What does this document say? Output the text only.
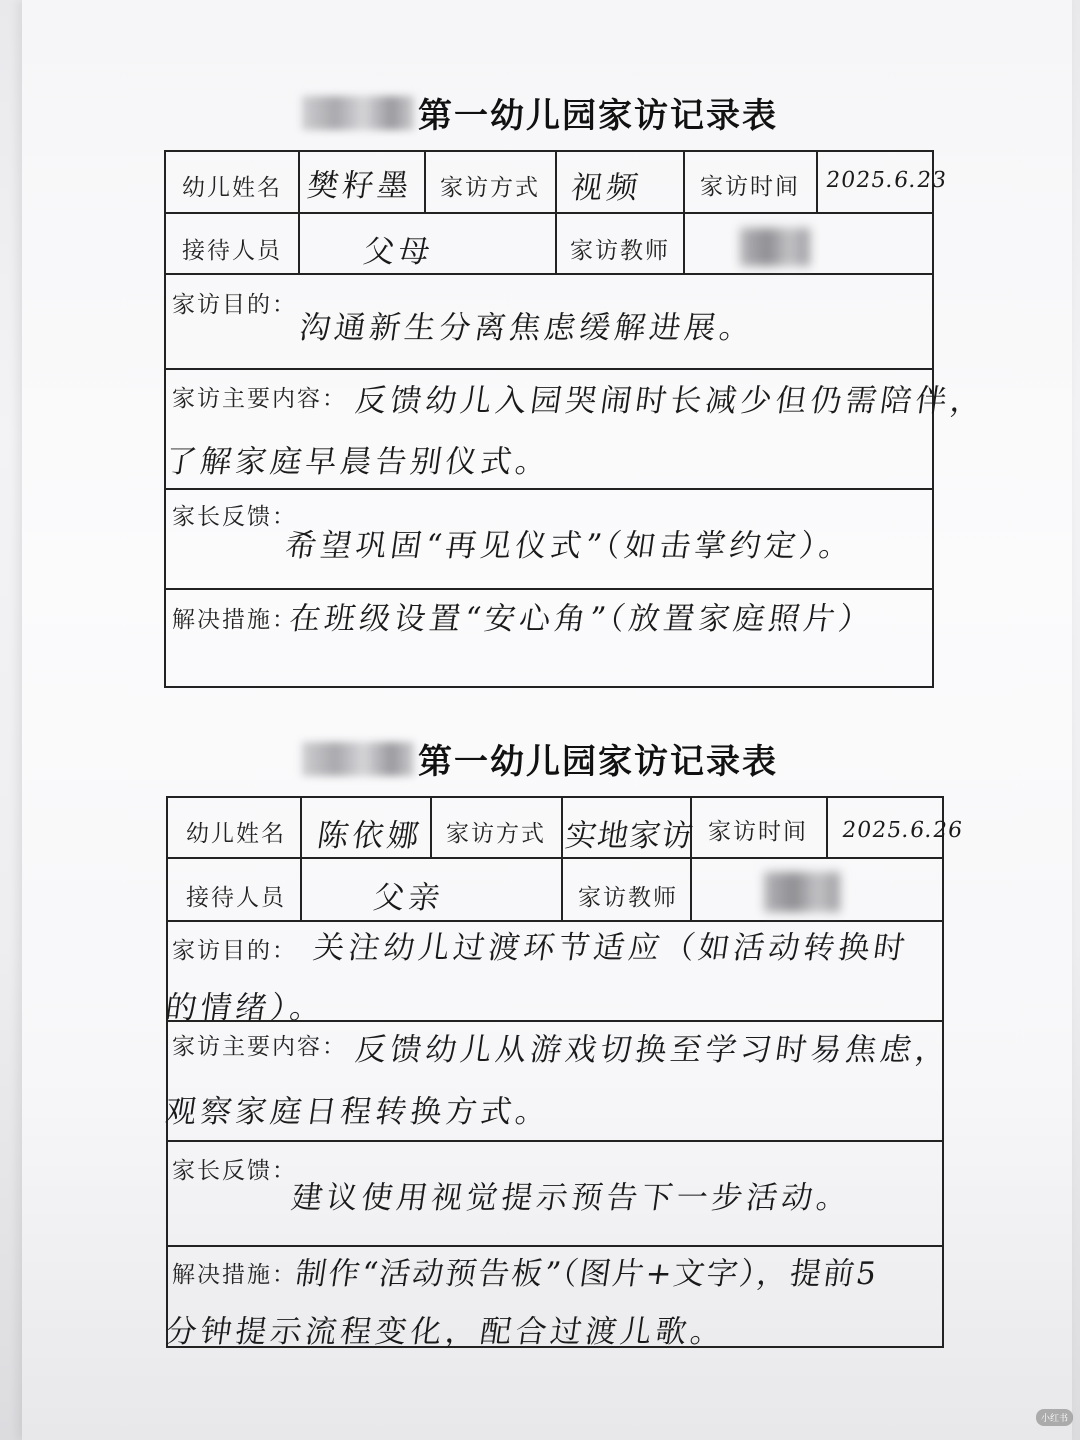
第一幼儿园家访记录表
幼儿姓名 樊籽墨 家访方式 视频 家访时间 2025.6.23
接待人员	父母	家访教师
家访目的：
沟通新生分离焦虑缓解进展。
家访主要内容： 反馈幼儿入园哭闹时长减少但仍需陪伴，
了解家庭早晨告别仪式。
家长反馈：
希望巩固“再见仪式”（如击掌约定）。
解决措施：
在班级设置“安心角”（放置家庭照片）
第一幼儿园家访记录表
幼儿姓名 陈依娜 家访方式 实地家访 家访时间 2025.6.26
接待人员	父亲	家访教师
家访目的： 关注幼儿过渡环节适应（如活动转换时
的情绪）。
家访主要内容： 反馈幼儿从游戏切换至学习时易焦虑，
观察家庭日程转换方式。
家长反馈：
建议使用视觉提示预告下一步活动。
解决措施：
制作“活动预告板”（图片+文字），提前5
分钟提示流程变化，配合过渡儿歌。
小红书
